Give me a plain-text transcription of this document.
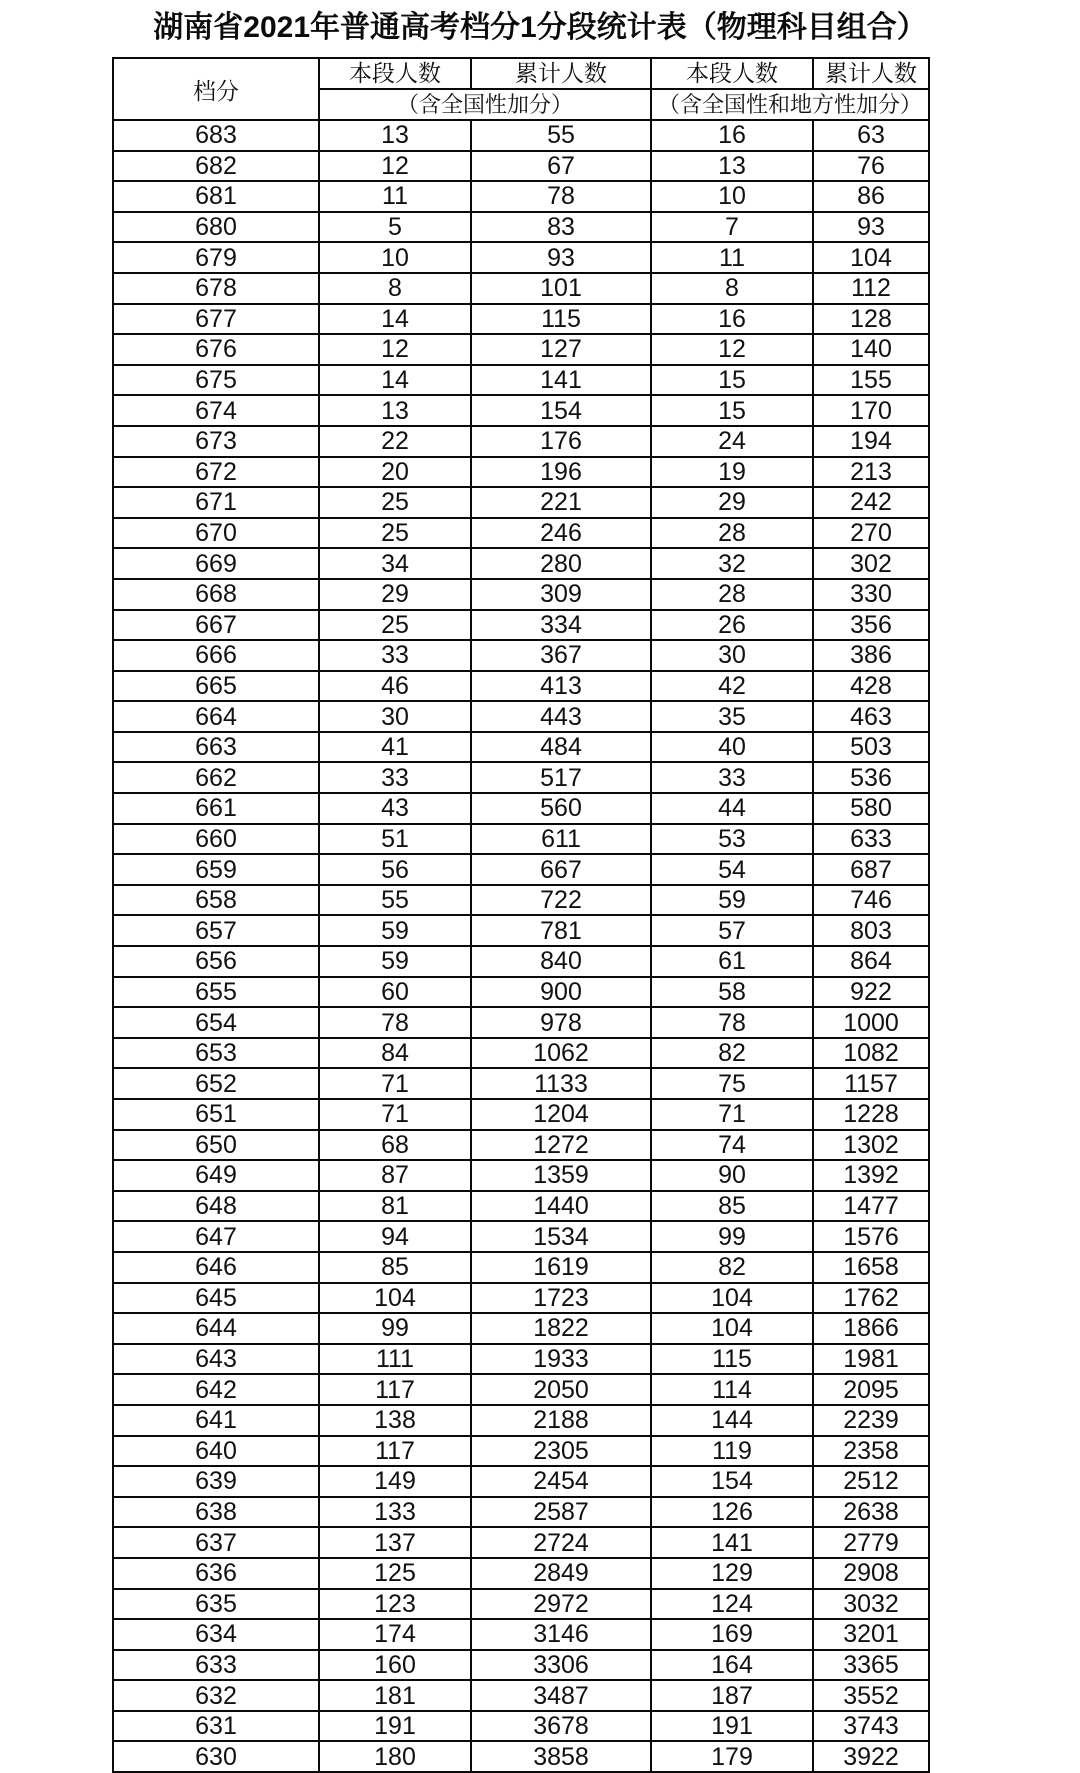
湖南省2021年普通高考档分1分段统计表（物理科目组合）
档分	本段人数	累计人数	本段人数	累计人数
	（含全国性加分）		（含全国性和地方性加分）	
683	13	55	16	63
682	12	67	13	76
681	11	78	10	86
680	5	83	7	93
679	10	93	11	104
678	8	101	8	112
677	14	115	16	128
676	12	127	12	140
675	14	141	15	155
674	13	154	15	170
673	22	176	24	194
672	20	196	19	213
671	25	221	29	242
670	25	246	28	270
669	34	280	32	302
668	29	309	28	330
667	25	334	26	356
666	33	367	30	386
665	46	413	42	428
664	30	443	35	463
663	41	484	40	503
662	33	517	33	536
661	43	560	44	580
660	51	611	53	633
659	56	667	54	687
658	55	722	59	746
657	59	781	57	803
656	59	840	61	864
655	60	900	58	922
654	78	978	78	1000
653	84	1062	82	1082
652	71	1133	75	1157
651	71	1204	71	1228
650	68	1272	74	1302
649	87	1359	90	1392
648	81	1440	85	1477
647	94	1534	99	1576
646	85	1619	82	1658
645	104	1723	104	1762
644	99	1822	104	1866
643	111	1933	115	1981
642	117	2050	114	2095
641	138	2188	144	2239
640	117	2305	119	2358
639	149	2454	154	2512
638	133	2587	126	2638
637	137	2724	141	2779
636	125	2849	129	2908
635	123	2972	124	3032
634	174	3146	169	3201
633	160	3306	164	3365
632	181	3487	187	3552
631	191	3678	191	3743
630	180	3858	179	3922
